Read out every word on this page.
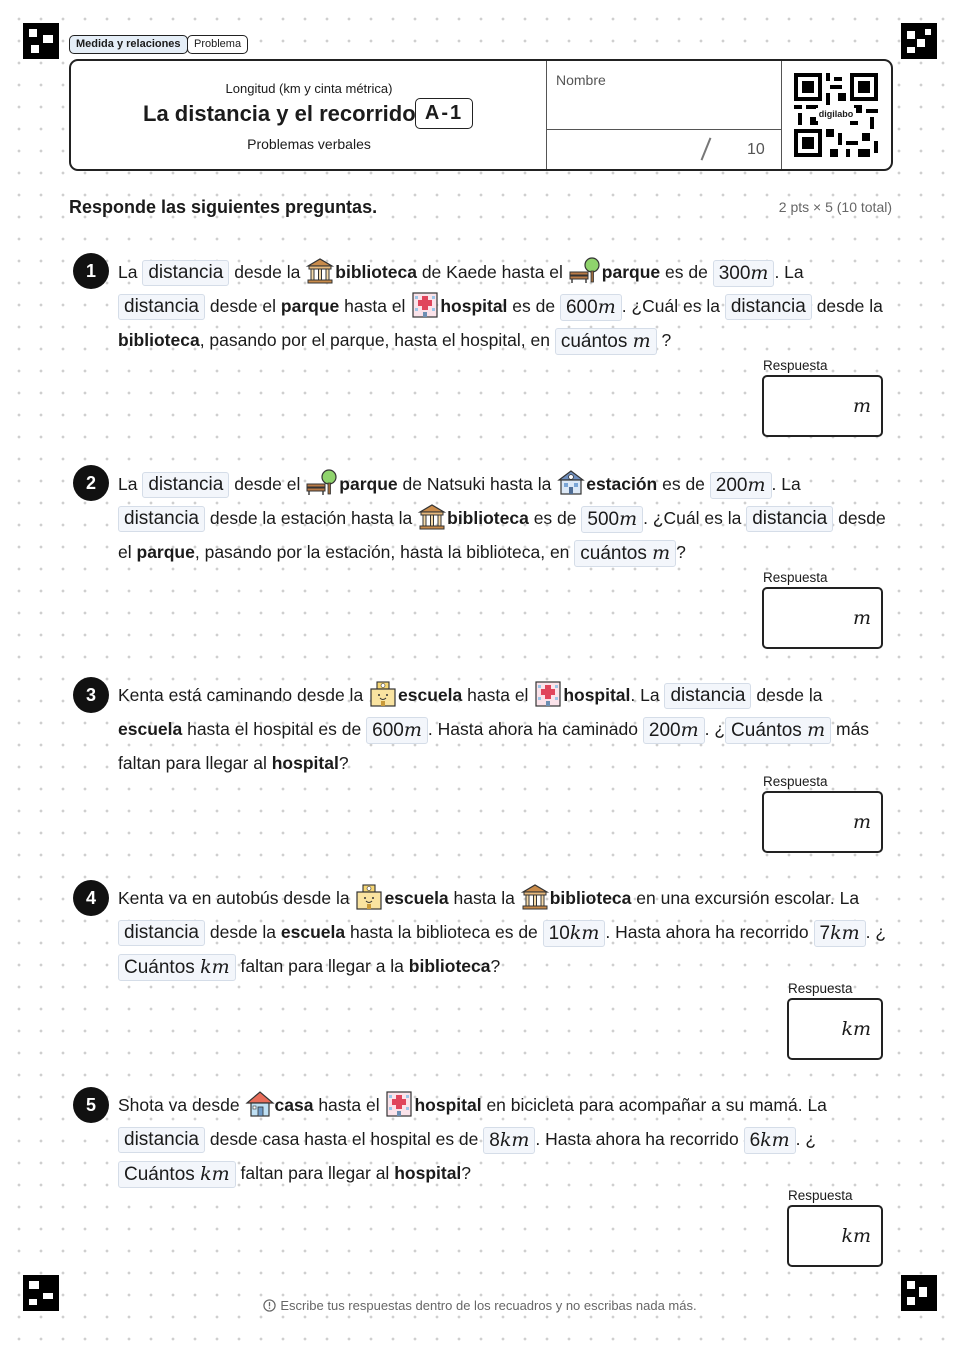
Medida y relaciones	Problema
Longitud (km y cinta métrica)
La distancia y el recorrido A-1
Problemas verbales
Nombre
10
digilabo
Responde las siguientes preguntas.	2 pts × 5 (10 total)
1	La distancia desde la biblioteca de Kaede hasta el parque es de 300m . La distancia desde el parque hasta el hospital es de 600m . ¿Cuál es la distancia desde la biblioteca, pasando por el parque, hasta el hospital, en cuántos m ?
Respuesta
m
2	La distancia desde el parque de Natsuki hasta la estación es de 200m . La distancia desde la estación hasta la biblioteca es de 500m . ¿Cuál es la distancia desde el parque, pasando por la estación, hasta la biblioteca, en cuántos m ?
Respuesta
m
3	Kenta está caminando desde la escuela hasta el hospital. La distancia desde la escuela hasta el hospital es de 600m . Hasta ahora ha caminado 200m . ¿ Cuántos m más faltan para llegar al hospital?
Respuesta
m
4	Kenta va en autobús desde la escuela hasta la biblioteca en una excursión escolar. La distancia desde la escuela hasta la biblioteca es de 10km . Hasta ahora ha recorrido 7km . ¿Cuántos km faltan para llegar a la biblioteca?
Respuesta
km
5	Shota va desde casa hasta el hospital en bicicleta para acompañar a su mamá. La distancia desde casa hasta el hospital es de 8km . Hasta ahora ha recorrido 6km . ¿ Cuántos km faltan para llegar al hospital?
Respuesta
km
Escribe tus respuestas dentro de los recuadros y no escribas nada más.
